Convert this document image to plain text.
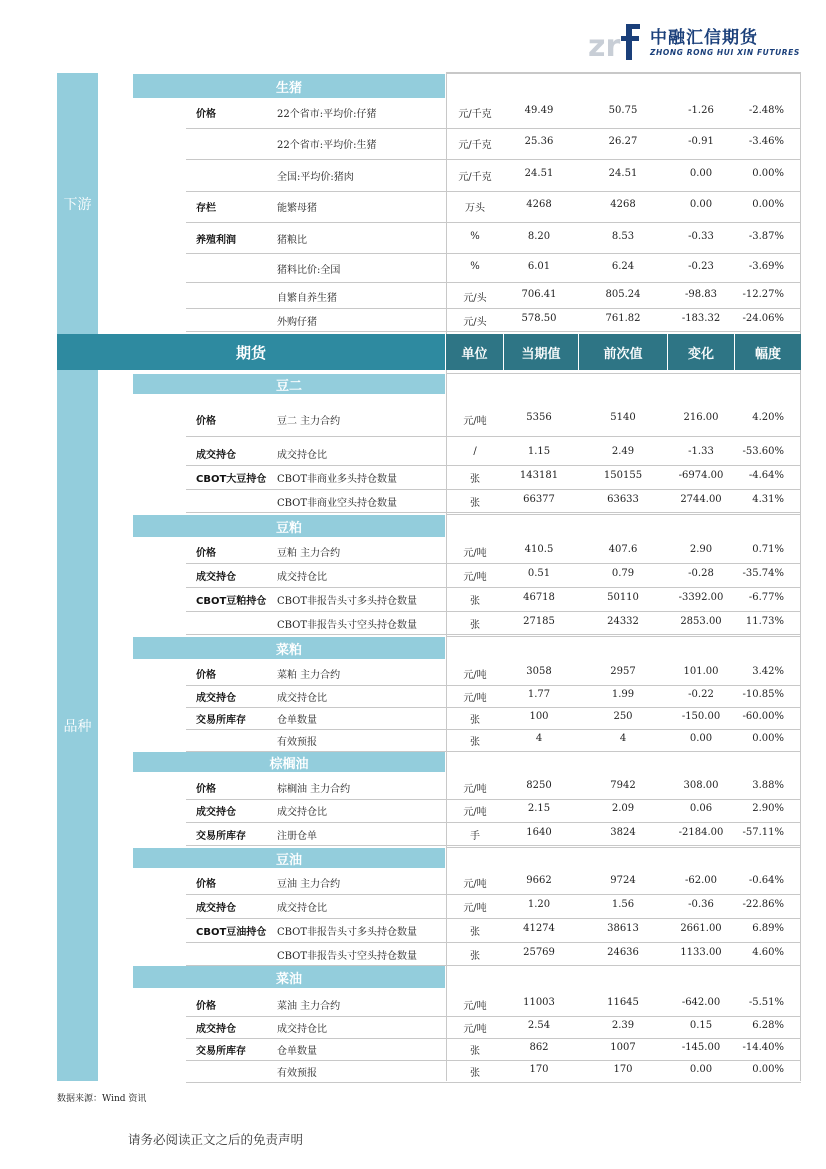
zr 中融汇信期货
ZHONG RONG HUI XIN FUTURES
下游
品种
期货	单位	当期值	前次值	变化	幅度
生猪
价格	22个省市:平均价:仔猪	元/千克	49.49	50.75	-1.26	-2.48%
22个省市:平均价:生猪	元/千克	25.36	26.27	-0.91	-3.46%
全国:平均价:猪肉	元/千克	24.51	24.51	0.00	0.00%
存栏	能繁母猪	万头	4268	4268	0.00	0.00%
养殖利润	猪粮比	%	8.20	8.53	-0.33	-3.87%
猪料比价:全国	%	6.01	6.24	-0.23	-3.69%
自繁自养生猪	元/头	706.41	805.24	-98.83	-12.27%
外购仔猪	元/头	578.50	761.82	-183.32	-24.06%
豆二
价格	豆二 主力合约	元/吨	5356	5140	216.00	4.20%
成交持仓	成交持仓比	/	1.15	2.49	-1.33	-53.60%
CBOT大豆持仓 CBOT非商业多头持仓数量	张	143181	150155	-6974.00	-4.64%
CBOT非商业空头持仓数量	张	66377	63633	2744.00	4.31%
豆粕
价格	豆粕 主力合约	元/吨	410.5	407.6	2.90	0.71%
成交持仓	成交持仓比	元/吨	0.51	0.79	-0.28	-35.74%
CBOT豆粕持仓 CBOT非报告头寸多头持仓数量	张	46718	50110	-3392.00	-6.77%
CBOT非报告头寸空头持仓数量	张	27185	24332	2853.00	11.73%
菜粕
价格	菜粕 主力合约	元/吨	3058	2957	101.00	3.42%
成交持仓	成交持仓比	元/吨	1.77	1.99	-0.22	-10.85%
交易所库存	仓单数量	张	100	250	-150.00	-60.00%
有效预报	张	4	4	0.00	0.00%
棕榈油
价格	棕榈油 主力合约	元/吨	8250	7942	308.00	3.88%
成交持仓	成交持仓比	元/吨	2.15	2.09	0.06	2.90%
交易所库存	注册仓单	手	1640	3824	-2184.00	-57.11%
豆油
价格	豆油 主力合约	元/吨	9662	9724	-62.00	-0.64%
成交持仓	成交持仓比	元/吨	1.20	1.56	-0.36	-22.86%
CBOT豆油持仓 CBOT非报告头寸多头持仓数量	张	41274	38613	2661.00	6.89%
CBOT非报告头寸空头持仓数量	张	25769	24636	1133.00	4.60%
菜油
价格	菜油 主力合约	元/吨	11003	11645	-642.00	-5.51%
成交持仓	成交持仓比	元/吨	2.54	2.39	0.15	6.28%
交易所库存	仓单数量	张	862	1007	-145.00	-14.40%
有效预报	张	170	170	0.00	0.00%
数据来源：Wind 资讯
请务必阅读正文之后的免责声明
